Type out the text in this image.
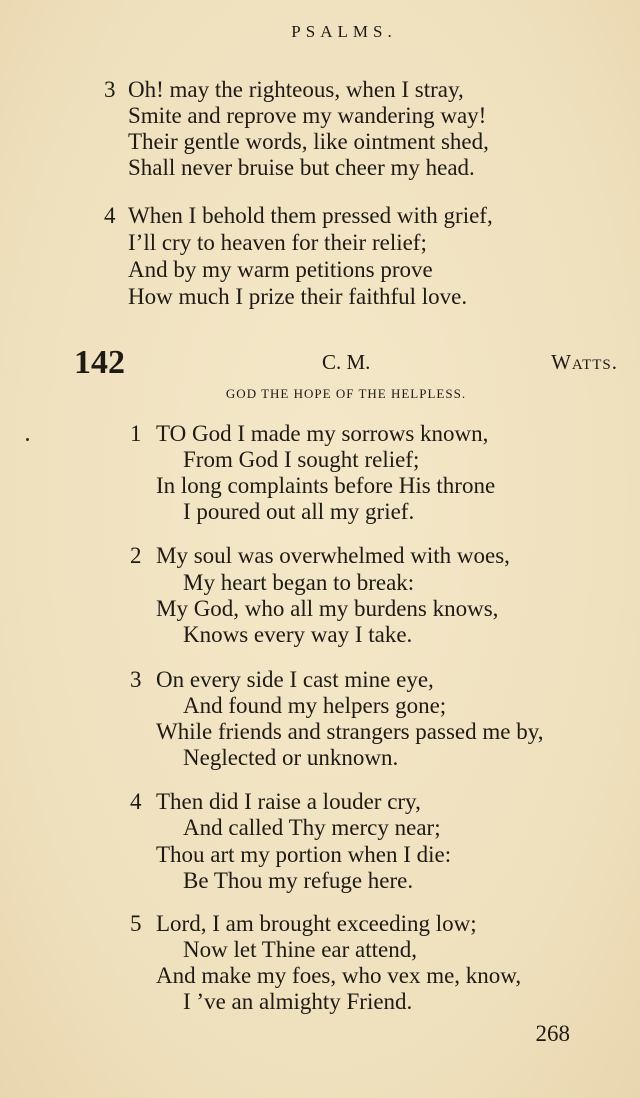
PSALMS.
3 Oh! may the righteous, when I stray,
Smite and reprove my wandering way!
Their gentle words, like ointment shed,
Shall never bruise but cheer my head.
4 When I behold them pressed with grief,
I’ll cry to heaven for their relief;
And by my warm petitions prove
How much I prize their faithful love.
142	C. M.	Watts.
GOD THE HOPE OF THE HELPLESS.
1 TO God I made my sorrows known,
From God I sought relief;
In long complaints before His throne
I poured out all my grief.
2 My soul was overwhelmed with woes,
My heart began to break:
My God, who all my burdens knows,
Knows every way I take.
3 On every side I cast mine eye,
And found my helpers gone;
While friends and strangers passed me by,
Neglected or unknown.
4 Then did I raise a louder cry,
And called Thy mercy near;
Thou art my portion when I die:
Be Thou my refuge here.
5 Lord, I am brought exceeding low;
Now let Thine ear attend,
And make my foes, who vex me, know,
I ’ve an almighty Friend.
268
